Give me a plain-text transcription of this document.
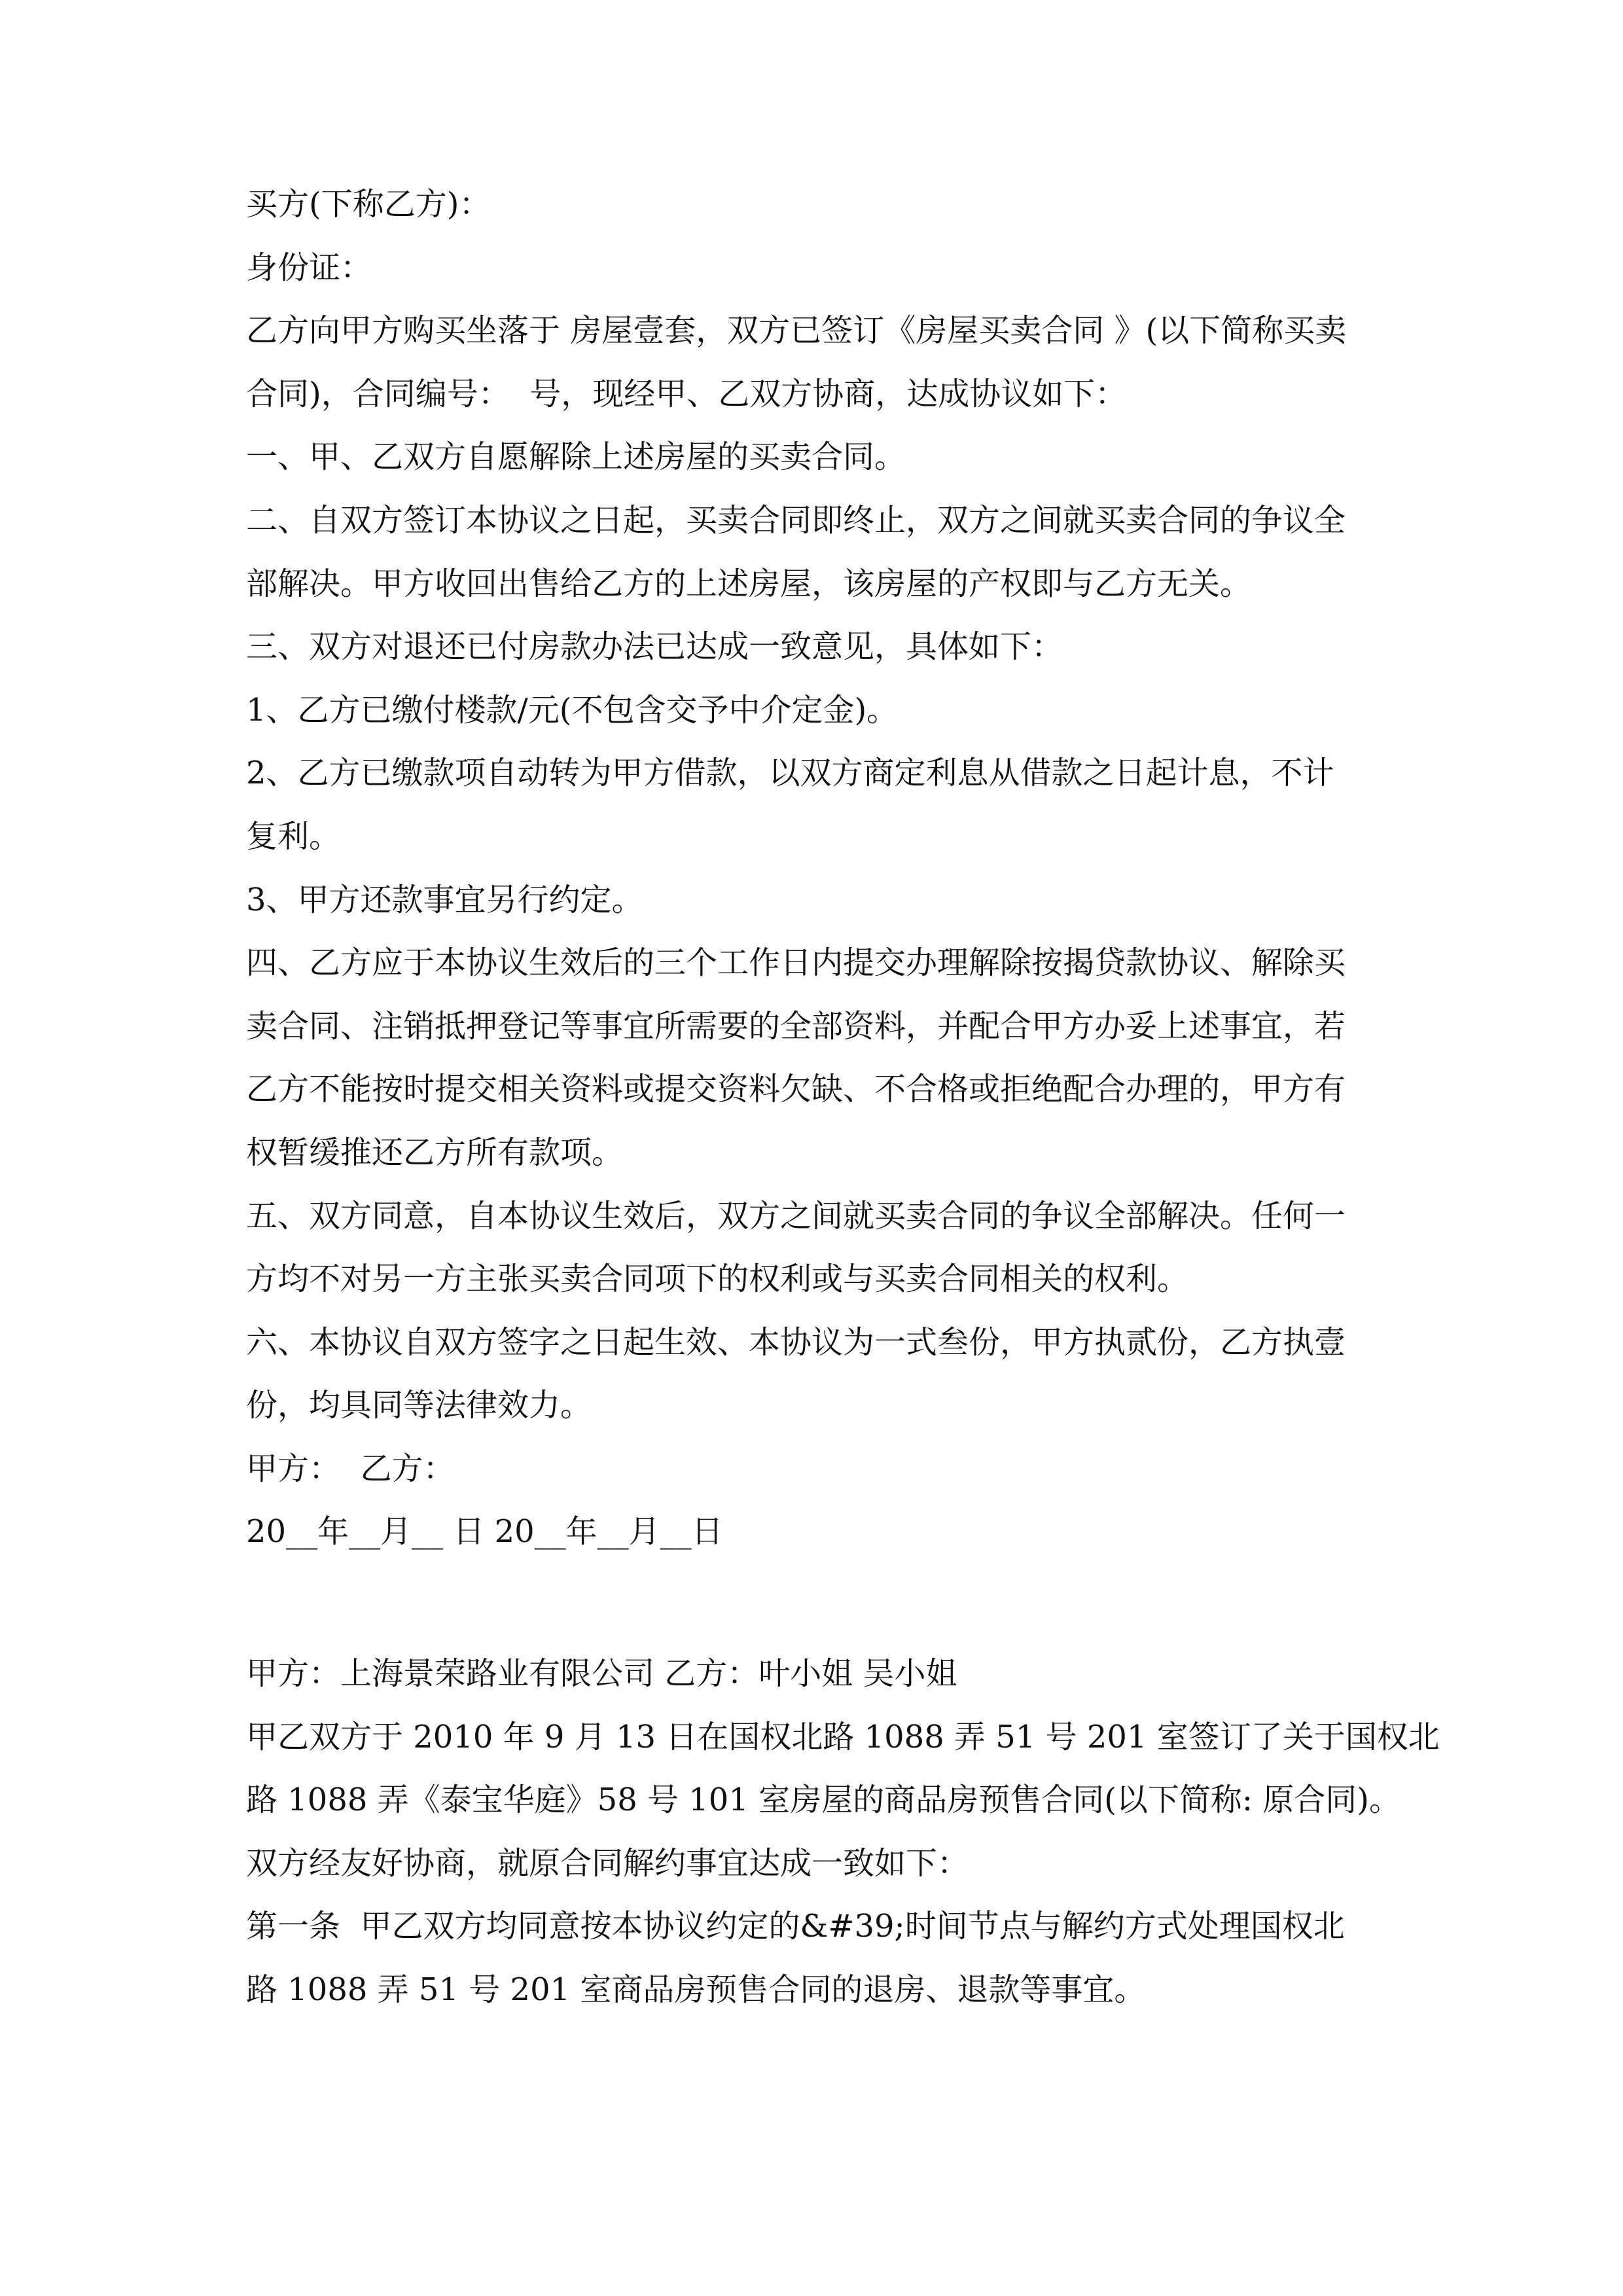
买方(下称乙方)：
身份证：
乙方向甲方购买坐落于 房屋壹套，双方已签订《房屋买卖合同 》(以下简称买卖
合同)，合同编号：  号，现经甲、乙双方协商，达成协议如下：
一、甲、乙双方自愿解除上述房屋的买卖合同。
二、自双方签订本协议之日起，买卖合同即终止，双方之间就买卖合同的争议全
部解决。甲方收回出售给乙方的上述房屋，该房屋的产权即与乙方无关。
三、双方对退还已付房款办法已达成一致意见，具体如下：
1、乙方已缴付楼款/元(不包含交予中介定金)。
2、乙方已缴款项自动转为甲方借款，以双方商定利息从借款之日起计息，不计
复利。
3、甲方还款事宜另行约定。
四、乙方应于本协议生效后的三个工作日内提交办理解除按揭贷款协议、解除买
卖合同、注销抵押登记等事宜所需要的全部资料，并配合甲方办妥上述事宜，若
乙方不能按时提交相关资料或提交资料欠缺、不合格或拒绝配合办理的，甲方有
权暂缓推还乙方所有款项。
五、双方同意，自本协议生效后，双方之间就买卖合同的争议全部解决。任何一
方均不对另一方主张买卖合同项下的权利或与买卖合同相关的权利。
六、本协议自双方签字之日起生效、本协议为一式叁份，甲方执贰份，乙方执壹
份，均具同等法律效力。
甲方：  乙方：
20__年__月__ 日 20__年__月__日
甲方：上海景荣路业有限公司 乙方：叶小姐 吴小姐
甲乙双方于 2010 年 9 月 13 日在国权北路 1088 弄 51 号 201 室签订了关于国权北
路 1088 弄《泰宝华庭》58 号 101 室房屋的商品房预售合同(以下简称: 原合同)。
双方经友好协商，就原合同解约事宜达成一致如下：
第一条  甲乙双方均同意按本协议约定的&#39;时间节点与解约方式处理国权北
路 1088 弄 51 号 201 室商品房预售合同的退房、退款等事宜。
